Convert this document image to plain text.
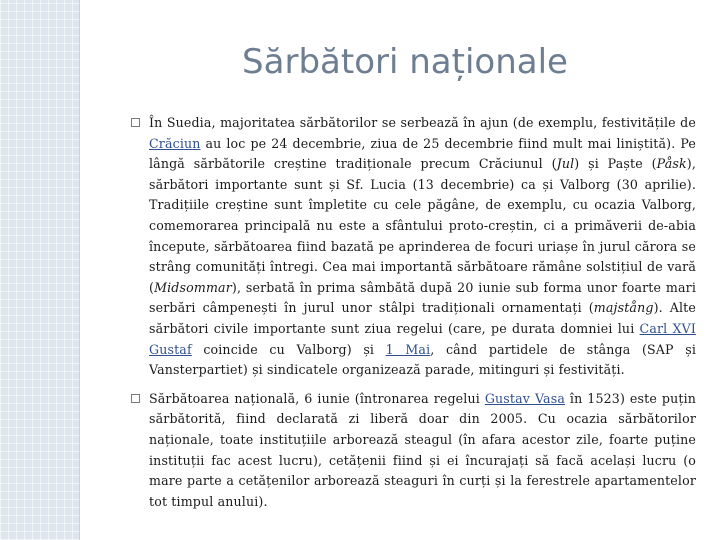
Sărbători naționale
În Suedia, majoritatea sărbătorilor se serbează în ajun (de exemplu, festivitățile de Crăciun au loc pe 24 decembrie, ziua de 25 decembrie fiind mult mai liniștită). Pe lângă sărbătorile creștine tradiționale precum Crăciunul (Jul) și Paște (Påsk), sărbători importante sunt și Sf. Lucia (13 decembrie) ca și Valborg (30 aprilie). Tradițiile creștine sunt împletite cu cele păgâne, de exemplu, cu ocazia Valborg, comemorarea principală nu este a sfântului proto-creștin, ci a primăverii de-abia începute, sărbătoarea fiind bazată pe aprinderea de focuri uriașe în jurul cărora se strâng comunități întregi. Cea mai importantă sărbătoare rămâne solstițiul de vară (Midsommar), serbată în prima sâmbătă după 20 iunie sub forma unor foarte mari serbări câmpenești în jurul unor stâlpi tradiționali ornamentați (majstång). Alte sărbători civile importante sunt ziua regelui (care, pe durata domniei lui Carl XVI Gustaf coincide cu Valborg) și 1 Mai, când partidele de stânga (SAP și Vansterpartiet) și sindicatele organizează parade, mitinguri și festivități.
Sărbătoarea națională, 6 iunie (întronarea regelui Gustav Vasa în 1523) este puțin sărbătorită, fiind declarată zi liberă doar din 2005. Cu ocazia sărbătorilor naționale, toate instituțiile arborează steagul (în afara acestor zile, foarte puține instituții fac acest lucru), cetățenii fiind și ei încurajați să facă același lucru (o mare parte a cetățenilor arborează steaguri în curți și la ferestrele apartamentelor tot timpul anului).
